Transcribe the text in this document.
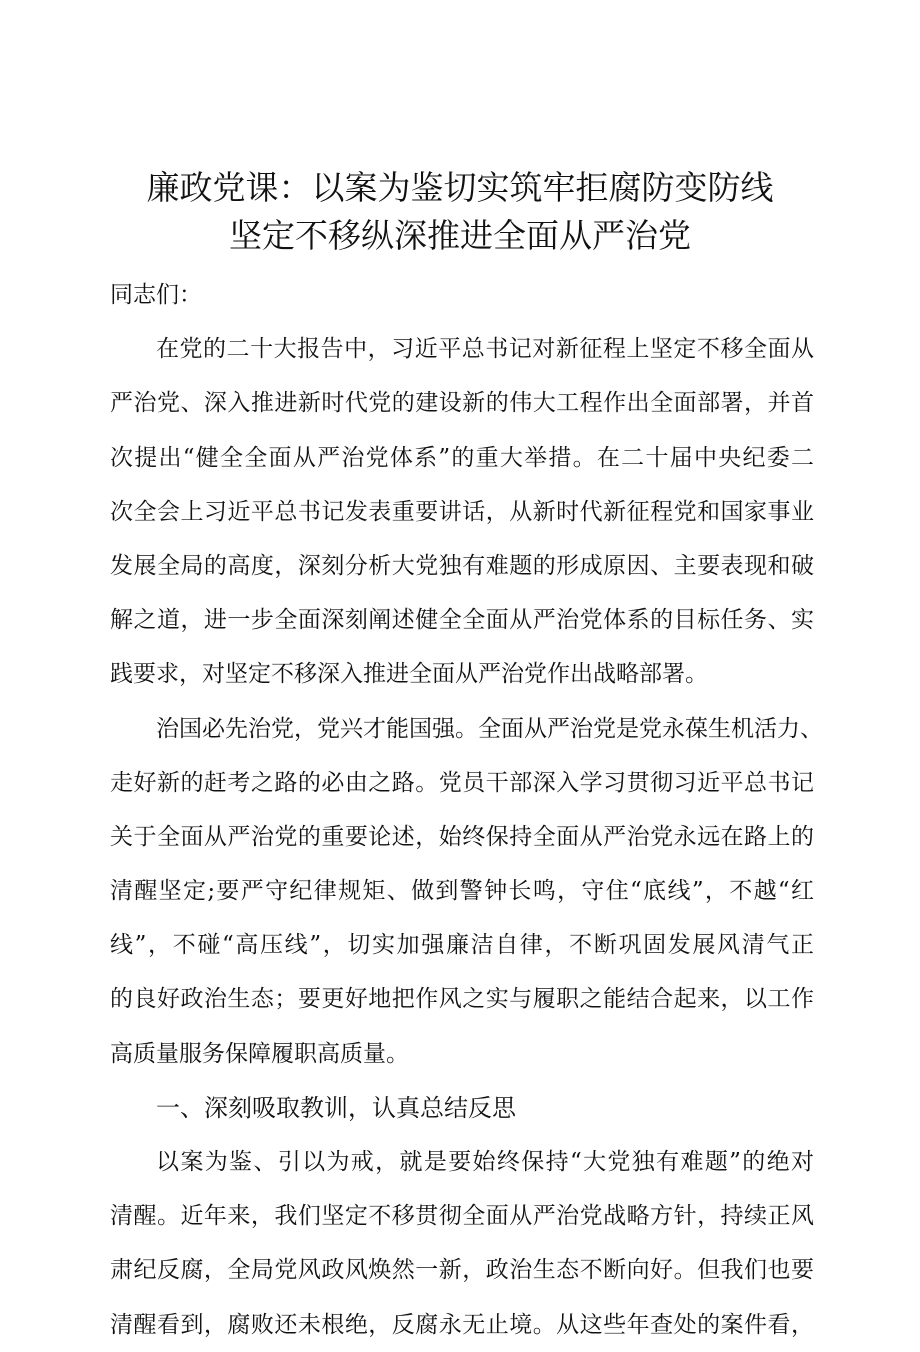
廉政党课：以案为鉴切实筑牢拒腐防变防线
坚定不移纵深推进全面从严治党
同志们：
在党的二十大报告中，习近平总书记对新征程上坚定不移全面从
严治党、深入推进新时代党的建设新的伟大工程作出全面部署，并首
次提出“健全全面从严治党体系”的重大举措。在二十届中央纪委二
次全会上习近平总书记发表重要讲话，从新时代新征程党和国家事业
发展全局的高度，深刻分析大党独有难题的形成原因、主要表现和破
解之道，进一步全面深刻阐述健全全面从严治党体系的目标任务、实
践要求，对坚定不移深入推进全面从严治党作出战略部署。
治国必先治党，党兴才能国强。全面从严治党是党永葆生机活力、
走好新的赶考之路的必由之路。党员干部深入学习贯彻习近平总书记
关于全面从严治党的重要论述，始终保持全面从严治党永远在路上的
清醒坚定;要严守纪律规矩、做到警钟长鸣，守住“底线”，不越“红
线”，不碰“高压线”，切实加强廉洁自律，不断巩固发展风清气正
的良好政治生态；要更好地把作风之实与履职之能结合起来，以工作
高质量服务保障履职高质量。
一、深刻吸取教训，认真总结反思
以案为鉴、引以为戒，就是要始终保持“大党独有难题”的绝对
清醒。近年来，我们坚定不移贯彻全面从严治党战略方针，持续正风
肃纪反腐，全局党风政风焕然一新，政治生态不断向好。但我们也要
清醒看到，腐败还未根绝，反腐永无止境。从这些年查处的案件看，
